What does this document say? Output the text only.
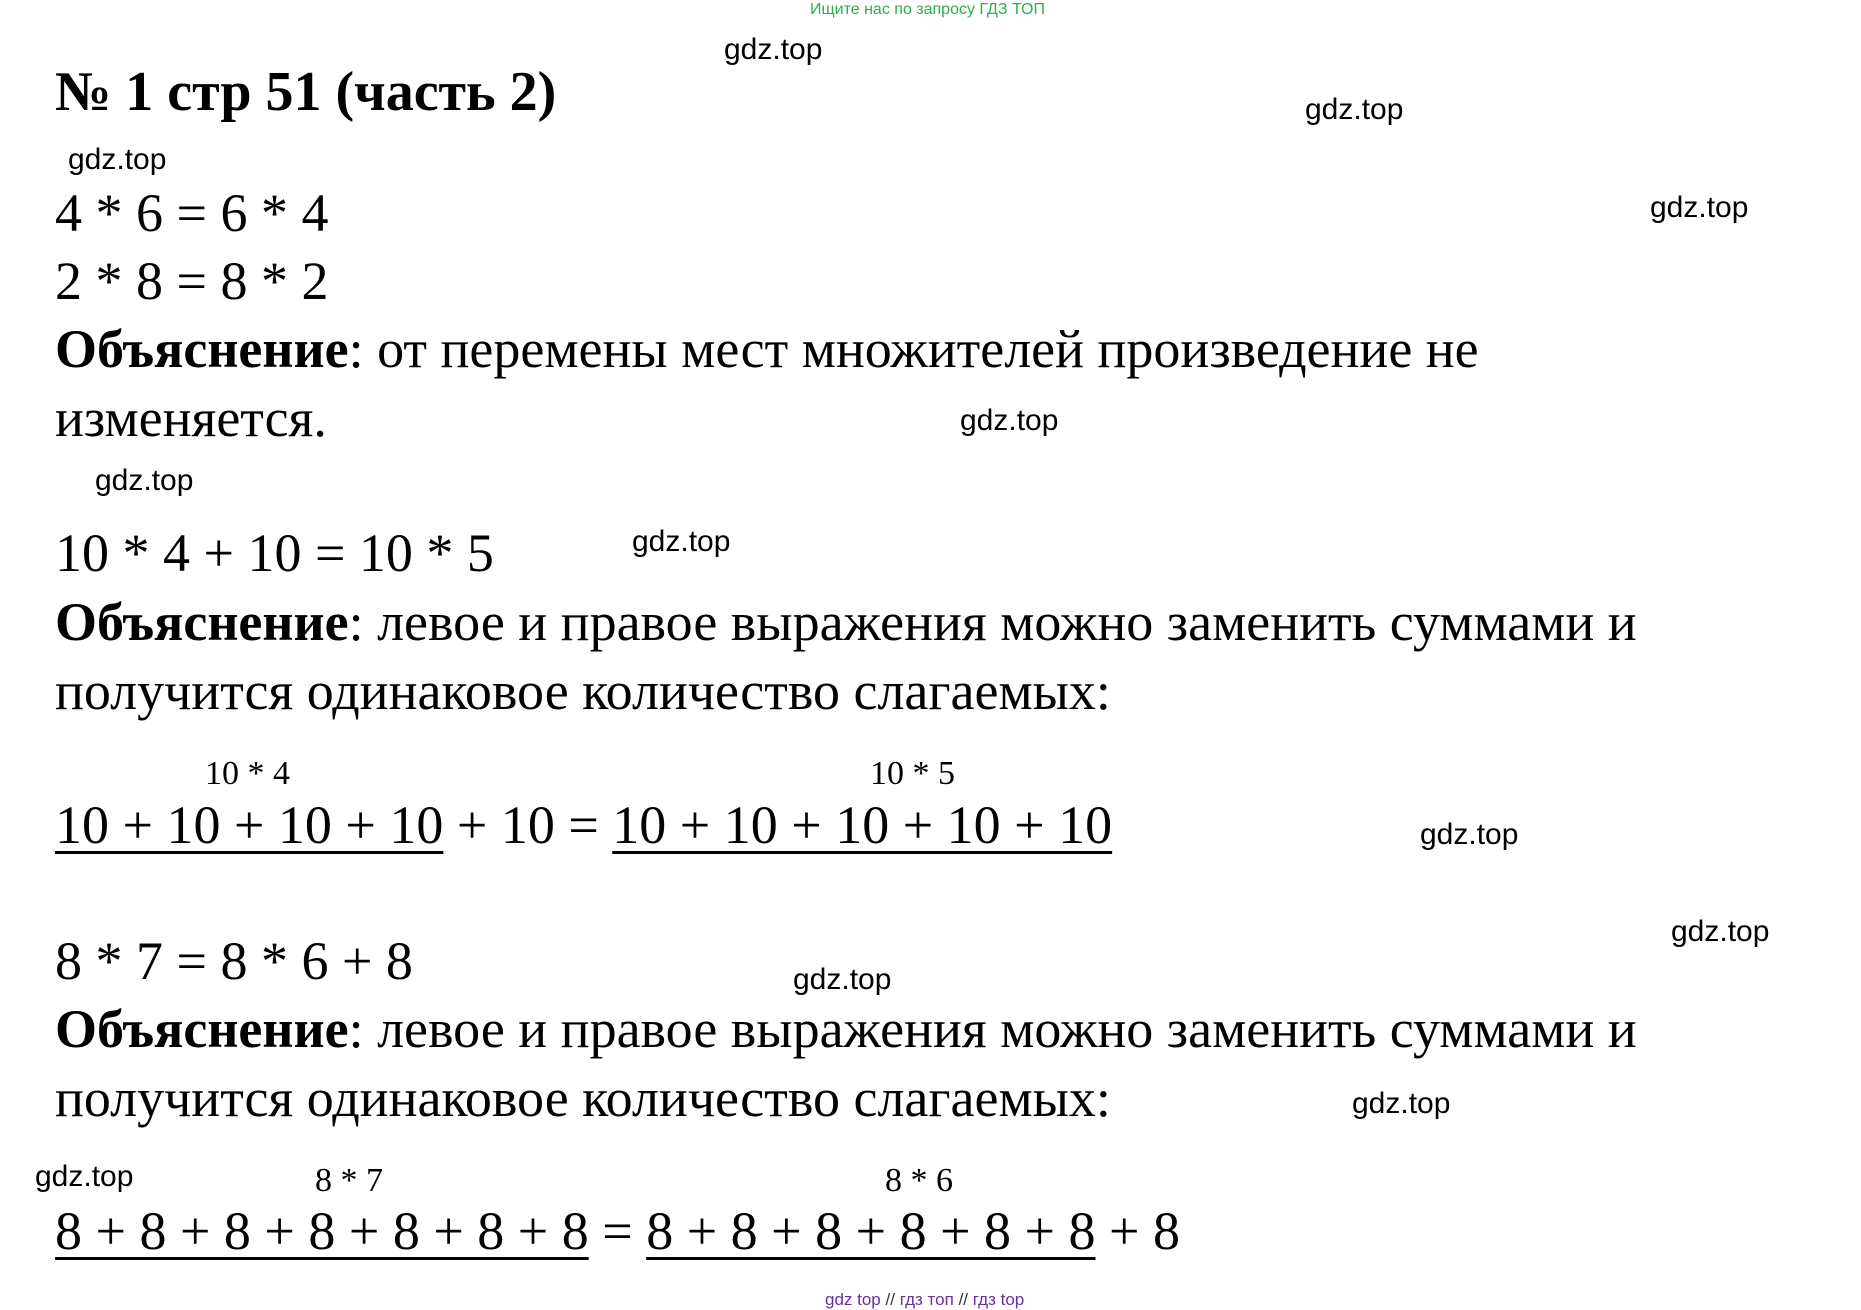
Ищите нас по запросу ГДЗ ТОП
gdz.top
gdz.top
gdz.top
gdz.top
gdz.top
gdz.top
gdz.top
gdz.top
gdz.top
gdz.top
gdz.top
gdz.top
№ 1 стр 51 (часть 2)
4 * 6 = 6 * 4
2 * 8 = 8 * 2
Объяснение: от перемены мест множителей произведение не
изменяется.
10 * 4 + 10 = 10 * 5
Объяснение: левое и правое выражения можно заменить суммами и
получится одинаковое количество слагаемых:
10 * 4	10 * 5
10 + 10 + 10 + 10 + 10 = 10 + 10 + 10 + 10 + 10
8 * 7 = 8 * 6 + 8
Объяснение: левое и правое выражения можно заменить суммами и
получится одинаковое количество слагаемых:
8 * 7	8 * 6
8 + 8 + 8 + 8 + 8 + 8 + 8 = 8 + 8 + 8 + 8 + 8 + 8 + 8
gdz top // гдз топ // гдз top
